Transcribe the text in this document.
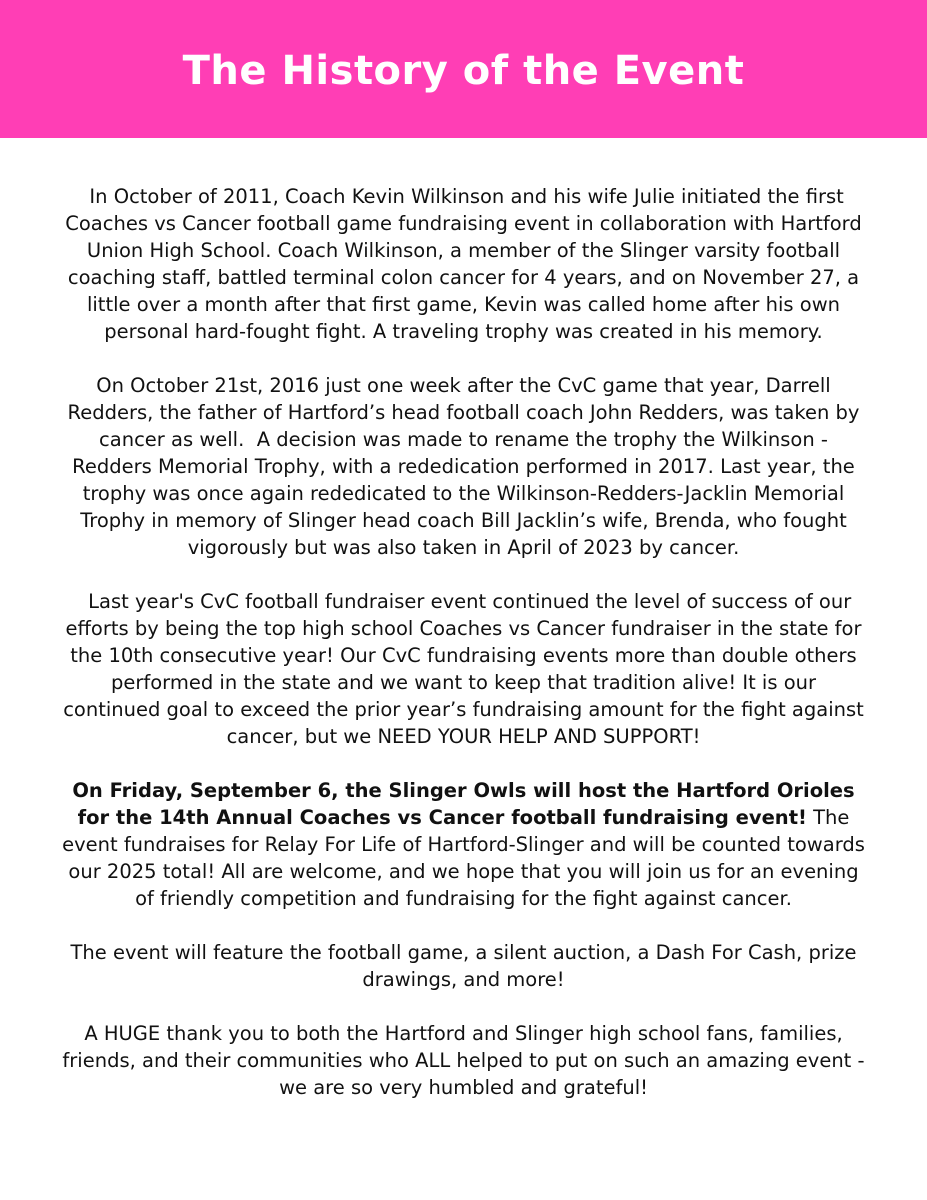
The History of the Event

In October of 2011, Coach Kevin Wilkinson and his wife Julie initiated the first Coaches vs Cancer football game fundraising event in collaboration with Hartford Union High School. Coach Wilkinson, a member of the Slinger varsity football coaching staff, battled terminal colon cancer for 4 years, and on November 27, a little over a month after that first game, Kevin was called home after his own personal hard-fought fight. A traveling trophy was created in his memory.

On October 21st, 2016 just one week after the CvC game that year, Darrell Redders, the father of Hartford’s head football coach John Redders, was taken by cancer as well.  A decision was made to rename the trophy the Wilkinson - Redders Memorial Trophy, with a rededication performed in 2017. Last year, the trophy was once again rededicated to the Wilkinson-Redders-Jacklin Memorial Trophy in memory of Slinger head coach Bill Jacklin’s wife, Brenda, who fought vigorously but was also taken in April of 2023 by cancer.

Last year's CvC football fundraiser event continued the level of success of our efforts by being the top high school Coaches vs Cancer fundraiser in the state for the 10th consecutive year! Our CvC fundraising events more than double others performed in the state and we want to keep that tradition alive! It is our continued goal to exceed the prior year’s fundraising amount for the fight against cancer, but we NEED YOUR HELP AND SUPPORT!

On Friday, September 6, the Slinger Owls will host the Hartford Orioles for the 14th Annual Coaches vs Cancer football fundraising event! The event fundraises for Relay For Life of Hartford-Slinger and will be counted towards our 2025 total! All are welcome, and we hope that you will join us for an evening of friendly competition and fundraising for the fight against cancer.

The event will feature the football game, a silent auction, a Dash For Cash, prize drawings, and more!

A HUGE thank you to both the Hartford and Slinger high school fans, families, friends, and their communities who ALL helped to put on such an amazing event - we are so very humbled and grateful!
